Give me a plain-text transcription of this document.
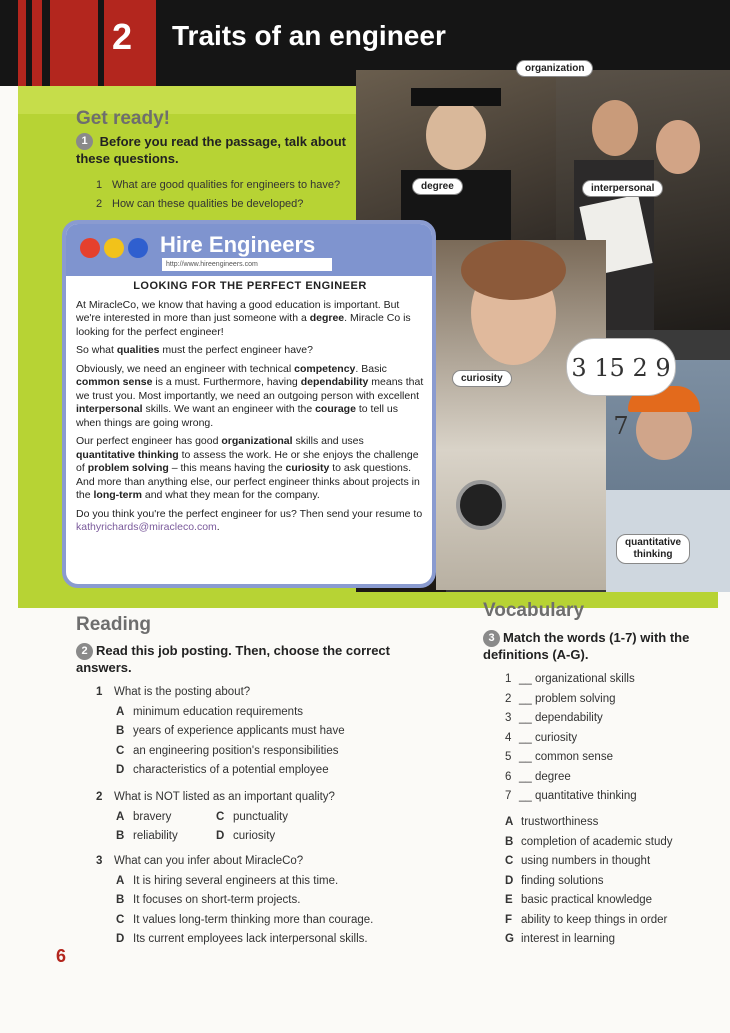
2 Traits of an engineer
Get ready!
1 Before you read the passage, talk about these questions.
1 What are good qualities for engineers to have?
2 How can these qualities be developed?
organization
degree	interpersonal
curiosity
quantitative thinking
3 15 2 9 7
Hire Engineers
http://www.hireengineers.com
LOOKING FOR THE PERFECT ENGINEER

At MiracleCo, we know that having a good education is important. But we're interested in more than just someone with a degree. Miracle Co is looking for the perfect engineer!

So what qualities must the perfect engineer have?

Obviously, we need an engineer with technical competency. Basic common sense is a must. Furthermore, having dependability means that we trust you. Most importantly, we need an outgoing person with excellent interpersonal skills. We want an engineer with the courage to tell us when things are going wrong.

Our perfect engineer has good organizational skills and uses quantitative thinking to assess the work. He or she enjoys the challenge of problem solving – this means having the curiosity to ask questions. And more than anything else, our perfect engineer thinks about projects in the long-term and what they mean for the company.

Do you think you're the perfect engineer for us? Then send your resume to kathyrichards@miracleco.com.

Reading
2 Read this job posting. Then, choose the correct answers.
1 What is the posting about?
A minimum education requirements
B years of experience applicants must have
C an engineering position's responsibilities
D characteristics of a potential employee
2 What is NOT listed as an important quality?
A bravery	C punctuality
B reliability	D curiosity
3 What can you infer about MiracleCo?
A It is hiring several engineers at this time.
B It focuses on short-term projects.
C It values long-term thinking more than courage.
D Its current employees lack interpersonal skills.
6
Vocabulary
3 Match the words (1-7) with the definitions (A-G).
1 __ organizational skills
2 __ problem solving
3 __ dependability
4 __ curiosity
5 __ common sense
6 __ degree
7 __ quantitative thinking
A trustworthiness
B completion of academic study
C using numbers in thought
D finding solutions
E basic practical knowledge
F ability to keep things in order
G interest in learning
